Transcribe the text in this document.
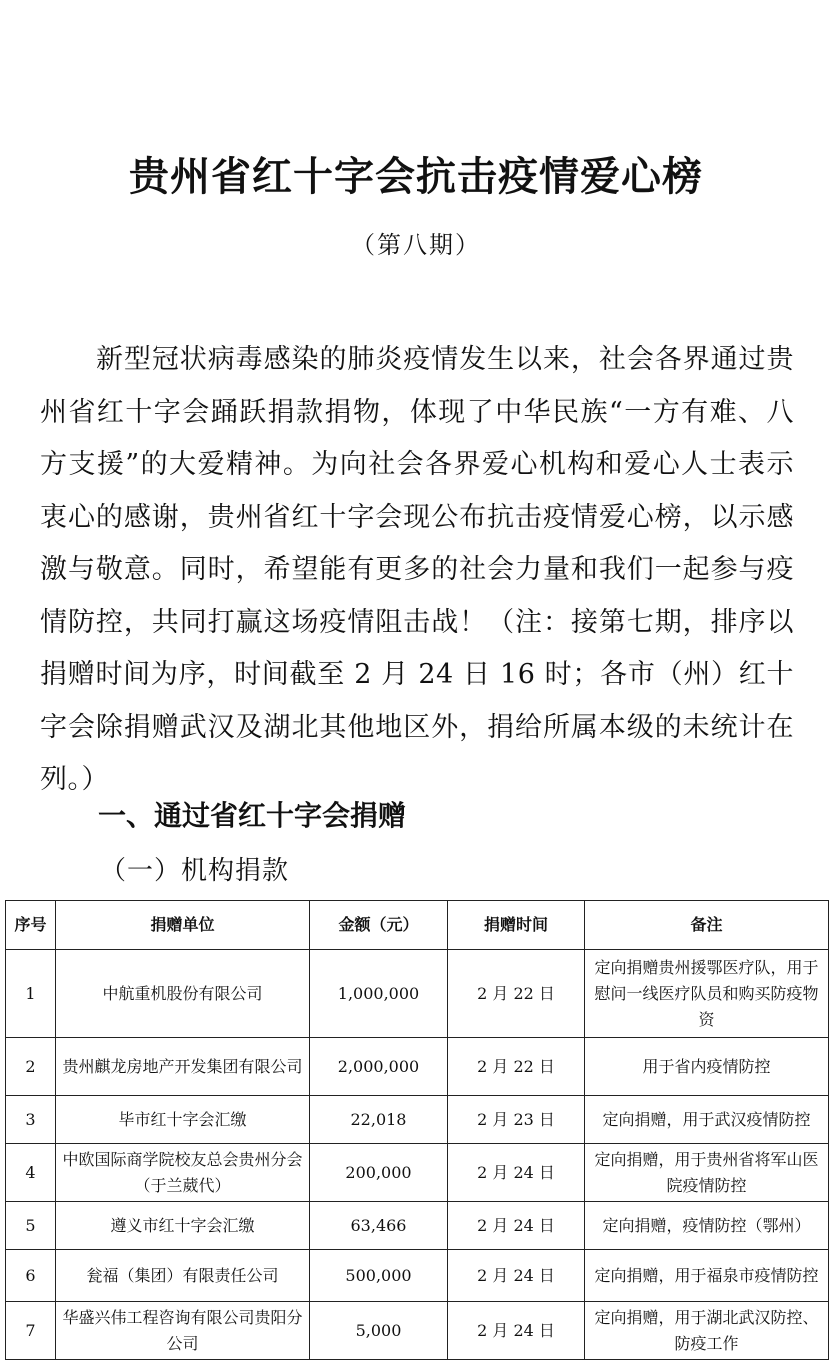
贵州省红十字会抗击疫情爱心榜
（第八期）
新型冠状病毒感染的肺炎疫情发生以来，社会各界通过贵州省红十字会踊跃捐款捐物，体现了中华民族“一方有难、八方支援”的大爱精神。为向社会各界爱心机构和爱心人士表示衷心的感谢，贵州省红十字会现公布抗击疫情爱心榜，以示感激与敬意。同时，希望能有更多的社会力量和我们一起参与疫情防控，共同打赢这场疫情阻击战！（注：接第七期，排序以捐赠时间为序，时间截至 2 月 24 日 16 时；各市（州）红十字会除捐赠武汉及湖北其他地区外，捐给所属本级的未统计在列。）
一、通过省红十字会捐赠
（一）机构捐款
序号	捐赠单位	金额（元）	捐赠时间	备注
1	中航重机股份有限公司	1,000,000	2 月 22 日	定向捐赠贵州援鄂医疗队，用于慰问一线医疗队员和购买防疫物资
2	贵州麒龙房地产开发集团有限公司	2,000,000	2 月 22 日	用于省内疫情防控
3	毕市红十字会汇缴	22,018	2 月 23 日	定向捐赠，用于武汉疫情防控
4	中欧国际商学院校友总会贵州分会（于兰葳代）	200,000	2 月 24 日	定向捐赠，用于贵州省将军山医院疫情防控
5	遵义市红十字会汇缴	63,466	2 月 24 日	定向捐赠，疫情防控（鄂州）
6	瓮福（集团）有限责任公司	500,000	2 月 24 日	定向捐赠，用于福泉市疫情防控
7	华盛兴伟工程咨询有限公司贵阳分公司	5,000	2 月 24 日	定向捐赠，用于湖北武汉防控、防疫工作
